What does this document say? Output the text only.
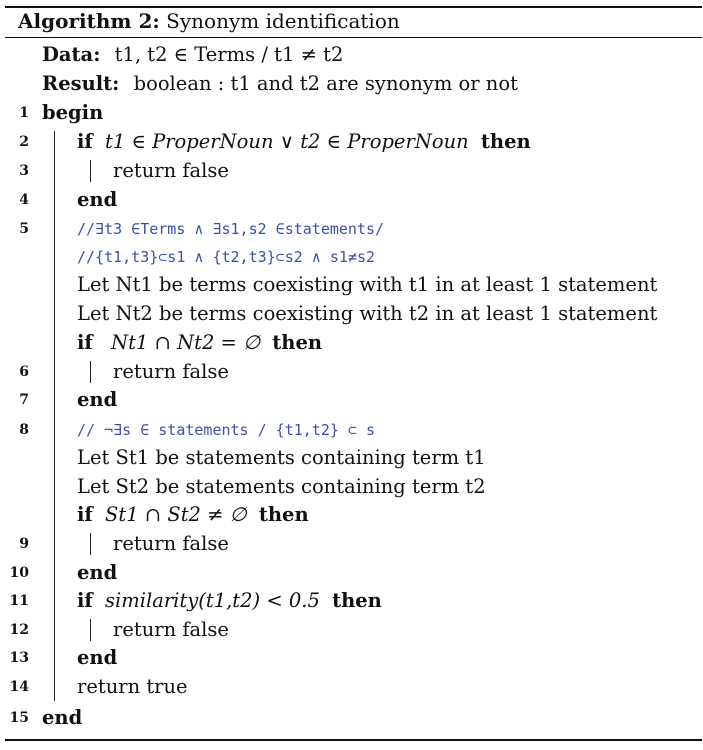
Algorithm 2: Synonym identification
Data: t1, t2 ∈ Terms / t1 ≠ t2
Result: boolean : t1 and t2 are synonym or not
1 begin
2 if t1 ∈ ProperNoun ∨ t2 ∈ ProperNoun then
3	return false
4 end
5	//∃t3 ∈Terms ∧ ∃s1,s2 ∈statements/
//{t1,t3}⊂s1 ∧ {t2,t3}⊂s2 ∧ s1≠s2
Let Nt1 be terms coexisting with t1 in at least 1 statement
Let Nt2 be terms coexisting with t2 in at least 1 statement
if Nt1 ∩ Nt2 = ∅ then
6	return false
7 end
8	// ¬∃s ∈ statements / {t1,t2} ⊂ s
Let St1 be statements containing term t1
Let St2 be statements containing term t2
if St1 ∩ St2 ≠ ∅ then
9	return false
10 end
11 if similarity(t1,t2) < 0.5 then
12	return false
13 end
14 return true
15 end
